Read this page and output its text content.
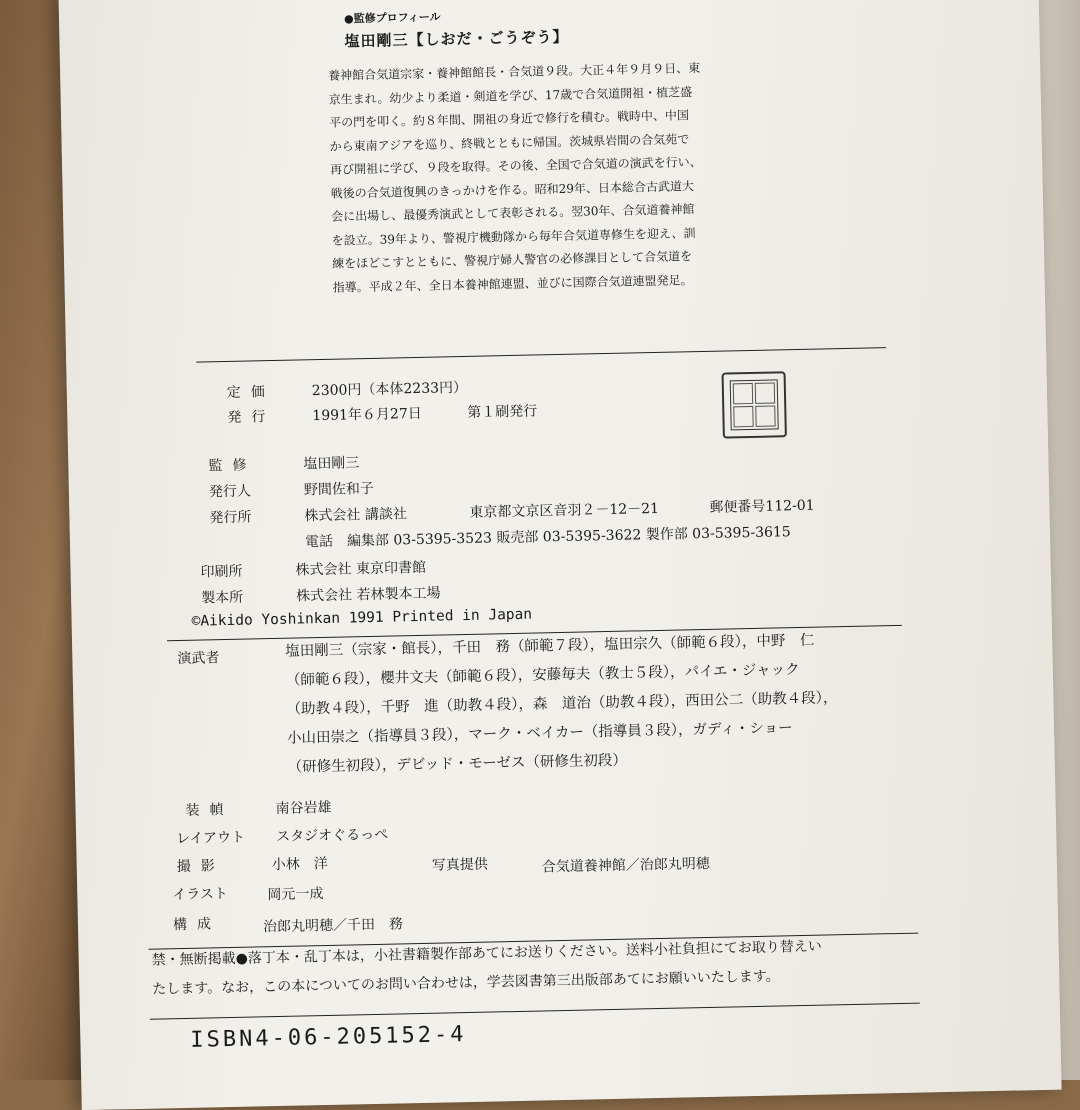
●監修プロフィール
塩田剛三【しおだ・ごうぞう】
養神館合気道宗家・養神館館長・合気道９段。大正４年９月９日、東
京生まれ。幼少より柔道・剣道を学び、17歳で合気道開祖・植芝盛
平の門を叩く。約８年間、開祖の身近で修行を積む。戦時中、中国
から東南アジアを巡り、終戦とともに帰国。茨城県岩間の合気苑で
再び開祖に学び、９段を取得。その後、全国で合気道の演武を行い、
戦後の合気道復興のきっかけを作る。昭和29年、日本総合古武道大
会に出場し、最優秀演武として表彰される。翌30年、合気道養神館
を設立。39年より、警視庁機動隊から毎年合気道専修生を迎え、訓
練をほどこすとともに、警視庁婦人警官の必修課目として合気道を
指導。平成２年、全日本養神館連盟、並びに国際合気道連盟発足。
定価	2300円（本体2233円）
発行	1991年６月27日	第１刷発行
監修	塩田剛三
発行人	野間佐和子
発行所	株式会社 講談社	東京都文京区音羽２－12－21	郵便番号112-01
電話　編集部 03-5395-3523 販売部 03-5395-3622 製作部 03-5395-3615
印刷所	株式会社 東京印書館
製本所	株式会社 若林製本工場
©Aikido Yoshinkan 1991 Printed in Japan
演武者	塩田剛三（宗家・館長），千田　務（師範７段），塩田宗久（師範６段），中野　仁
（師範６段），櫻井文夫（師範６段），安藤毎夫（教士５段），パイエ・ジャック
（助教４段），千野　進（助教４段），森　道治（助教４段），西田公二（助教４段），
小山田崇之（指導員３段），マーク・ベイカー（指導員３段），ガディ・ショー
（研修生初段），デビッド・モーゼス（研修生初段）
装幀	南谷岩雄
レイアウト スタジオぐるっぺ
撮影	小林　洋	写真提供	合気道養神館／治郎丸明穂
イラスト	岡元一成
構成	治郎丸明穂／千田　務
禁・無断掲載●落丁本・乱丁本は，小社書籍製作部あてにお送りください。送料小社負担にてお取り替えい
たします。なお，この本についてのお問い合わせは，学芸図書第三出版部あてにお願いいたします。
ISBN4-06-205152-4
